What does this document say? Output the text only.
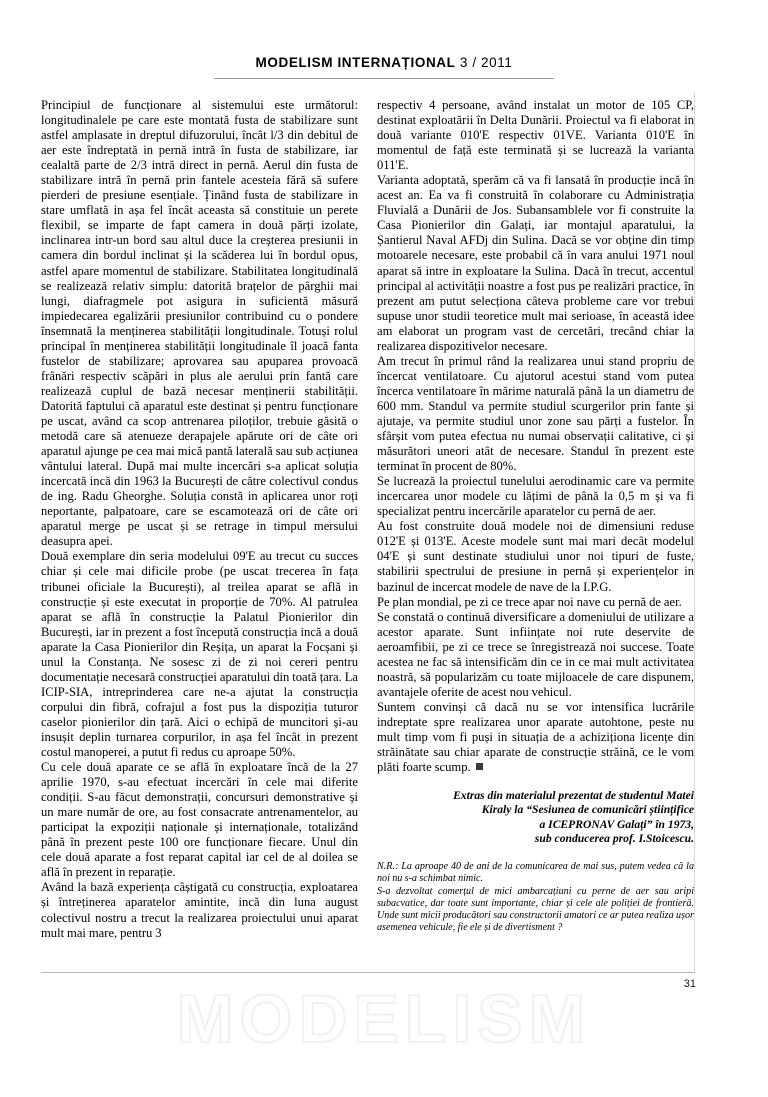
MODELISM INTERNAȚIONAL 3 / 2011

Principiul de funcționare al sistemului este următorul: longitudinalele pe care este montată fusta de stabilizare sunt astfel amplasate in dreptul difuzorului, încât l/3 din debitul de aer este îndreptată in pernă intră în fusta de stabilizare, iar cealaltă parte de 2/3 intră direct in pernă. Aerul din fusta de stabilizare intră în pernă prin fantele acesteia fără să sufere pierderi de presiune esențiale. Ținând fusta de stabilizare in stare umflată in așa fel încât aceasta să constituie un perete flexibil, se imparte de fapt camera in două părți izolate, inclinarea intr-un bord sau altul duce la creșterea presiunii in camera din bordul inclinat și la scăderea lui în bordul opus, astfel apare momentul de stabilizare. Stabilitatea longitudinală se realizează relativ simplu: datorită brațelor de pârghii mai lungi, diafragmele pot asigura in suficientă măsură impiedecarea egalizării presiunilor contribuind cu o pondere însemnată la menținerea stabilității longitudinale. Totuși rolul principal în menținerea stabilității longitudinale îl joacă fanta fustelor de stabilizare; aprovarea sau apuparea provoacă frânări respectiv scăpări in plus ale aerului prin fantă care realizează cuplul de bază necesar menținerii stabilității. Datorită faptului că aparatul este destinat și pentru funcționare pe uscat, având ca scop antrenarea piloților, trebuie găsită o metodă care să atenueze derapajele apărute ori de câte ori aparatul ajunge pe cea mai mică pantă laterală sau sub acțiunea vântului lateral. După mai multe incercări s-a aplicat soluția incercată incă din 1963 la București de către colectivul condus de ing. Radu Gheorghe. Soluția constă in aplicarea unor roți neportante, palpatoare, care se escamotează ori de câte ori aparatul merge pe uscat și se retrage in timpul mersului deasupra apei.

Două exemplare din seria modelului 09'E au trecut cu succes chiar și cele mai dificile probe (pe uscat trecerea în fața tribunei oficiale la București), al treilea aparat se află in construcție și este executat in proporție de 70%. Al patrulea aparat se află în construcție la Palatul Pionierilor din București, iar in prezent a fost începută construcția incă a două aparate la Casa Pionierilor din Reșița, un aparat la Focșani și unul la Constanța. Ne sosesc zi de zi noi cereri pentru documentație necesară construcției aparatului din toată țara. La ICIP-SIA, intreprinderea care ne-a ajutat la construcția corpului din fibră, cofrajul a fost pus la dispoziția tuturor caselor pionierilor din țară. Aici o echipă de muncitori și-au insușit deplin turnarea corpurilor, in așa fel încât in prezent costul manoperei, a putut fi redus cu aproape 50%.

Cu cele două aparate ce se află în exploatare încă de la 27 aprilie 1970, s-au efectuat incercări în cele mai diferite condiții. S-au făcut demonstrații, concursuri demonstrative și un mare număr de ore, au fost consacrate antrenamentelor, au participat la expoziții naționale și internaționale, totalizând până în prezent peste 100 ore funcționare fiecare. Unul din cele două aparate a fost reparat capital iar cel de al doilea se află în prezent in reparație.

Având la bază experiența câștigată cu construcția, exploatarea și întreținerea aparatelor amintite, incă din luna august colectivul nostru a trecut la realizarea proiectului unui aparat mult mai mare, pentru 3

respectiv 4 persoane, având instalat un motor de 105 CP, destinat exploatării în Delta Dunării. Proiectul va fi elaborat in două variante 010'E respectiv 01VE. Varianta 010'E în momentul de față este terminată și se lucrează la varianta 011'E.

Varianta adoptată, sperăm că va fi lansată în producție incă în acest an. Ea va fi construită în colaborare cu Administrația Fluvială a Dunării de Jos. Subansamblele vor fi construite la Casa Pionierilor din Galați, iar montajul aparatului, la Șantierul Naval AFDj din Sulina. Dacă se vor obține din timp motoarele necesare, este probabil că în vara anului 1971 noul aparat să intre in exploatare la Sulina. Dacă în trecut, accentul principal al activității noastre a fost pus pe realizări practice, în prezent am putut selecționa câteva probleme care vor trebui supuse unor studii teoretice mult mai serioase, în această idee am elaborat un program vast de cercetări, trecând chiar la realizarea dispozitivelor necesare.

Am trecut în primul rând la realizarea unui stand propriu de încercat ventilatoare. Cu ajutorul acestui stand vom putea încerca ventilatoare în mărime naturală până la un diametru de 600 mm. Standul va permite studiul scurgerilor prin fante și ajutaje, va permite studiul unor zone sau părți a fustelor. În sfârșit vom putea efectua nu numai observații calitative, ci și măsurători uneori atât de necesare. Standul în prezent este terminat în procent de 80%.

Se lucrează la proiectul tunelului aerodinamic care va permite incercarea unor modele cu lățimi de până la 0,5 m și va fi specializat pentru incercările aparatelor cu pernă de aer.

Au fost construite două modele noi de dimensiuni reduse 012'E și 013'E. Aceste modele sunt mai mari decât modelul 04'E și sunt destinate studiului unor noi tipuri de fuste, stabilirii spectrului de presiune in pernă și experiențelor in bazinul de incercat modele de nave de la I.P.G.

Pe plan mondial, pe zi ce trece apar noi nave cu pernă de aer.

Se constată o continuă diversificare a domeniului de utilizare a acestor aparate. Sunt inființate noi rute deservite de aeroamfibii, pe zi ce trece se înregistrează noi succese. Toate acestea ne fac să intensificăm din ce in ce mai mult activitatea noastră, să popularizăm cu toate mijloacele de care dispunem, avantajele oferite de acest nou vehicul.

Suntem convinși că dacă nu se vor intensifica lucrările indreptate spre realizarea unor aparate autohtone, peste nu mult timp vom fi puși in situația de a achiziționa licențe din străinătate sau chiar aparate de construcție străină, ce le vom plăti foarte scump.

Extras din materialul prezentat de studentul Matei
Kiraly la “Sesiunea de comunicări științifice
a ICEPRONAV Galați” în 1973,
sub conducerea prof. I.Stoicescu.

N.R.: La aproape 40 de ani de la comunicarea de mai sus, putem vedea că la noi nu s-a schimbat nimic.

S-a dezvoltat comerțul de mici ambarcațiuni cu perne de aer sau aripi subacvatice, dar toate sunt importante, chiar și cele ale poliției de frontieră. Unde sunt micii producători sau constructorii amatori ce ar putea realiza ușor asemenea vehicule, fie ele și de divertisment ?

31
MODELISM
